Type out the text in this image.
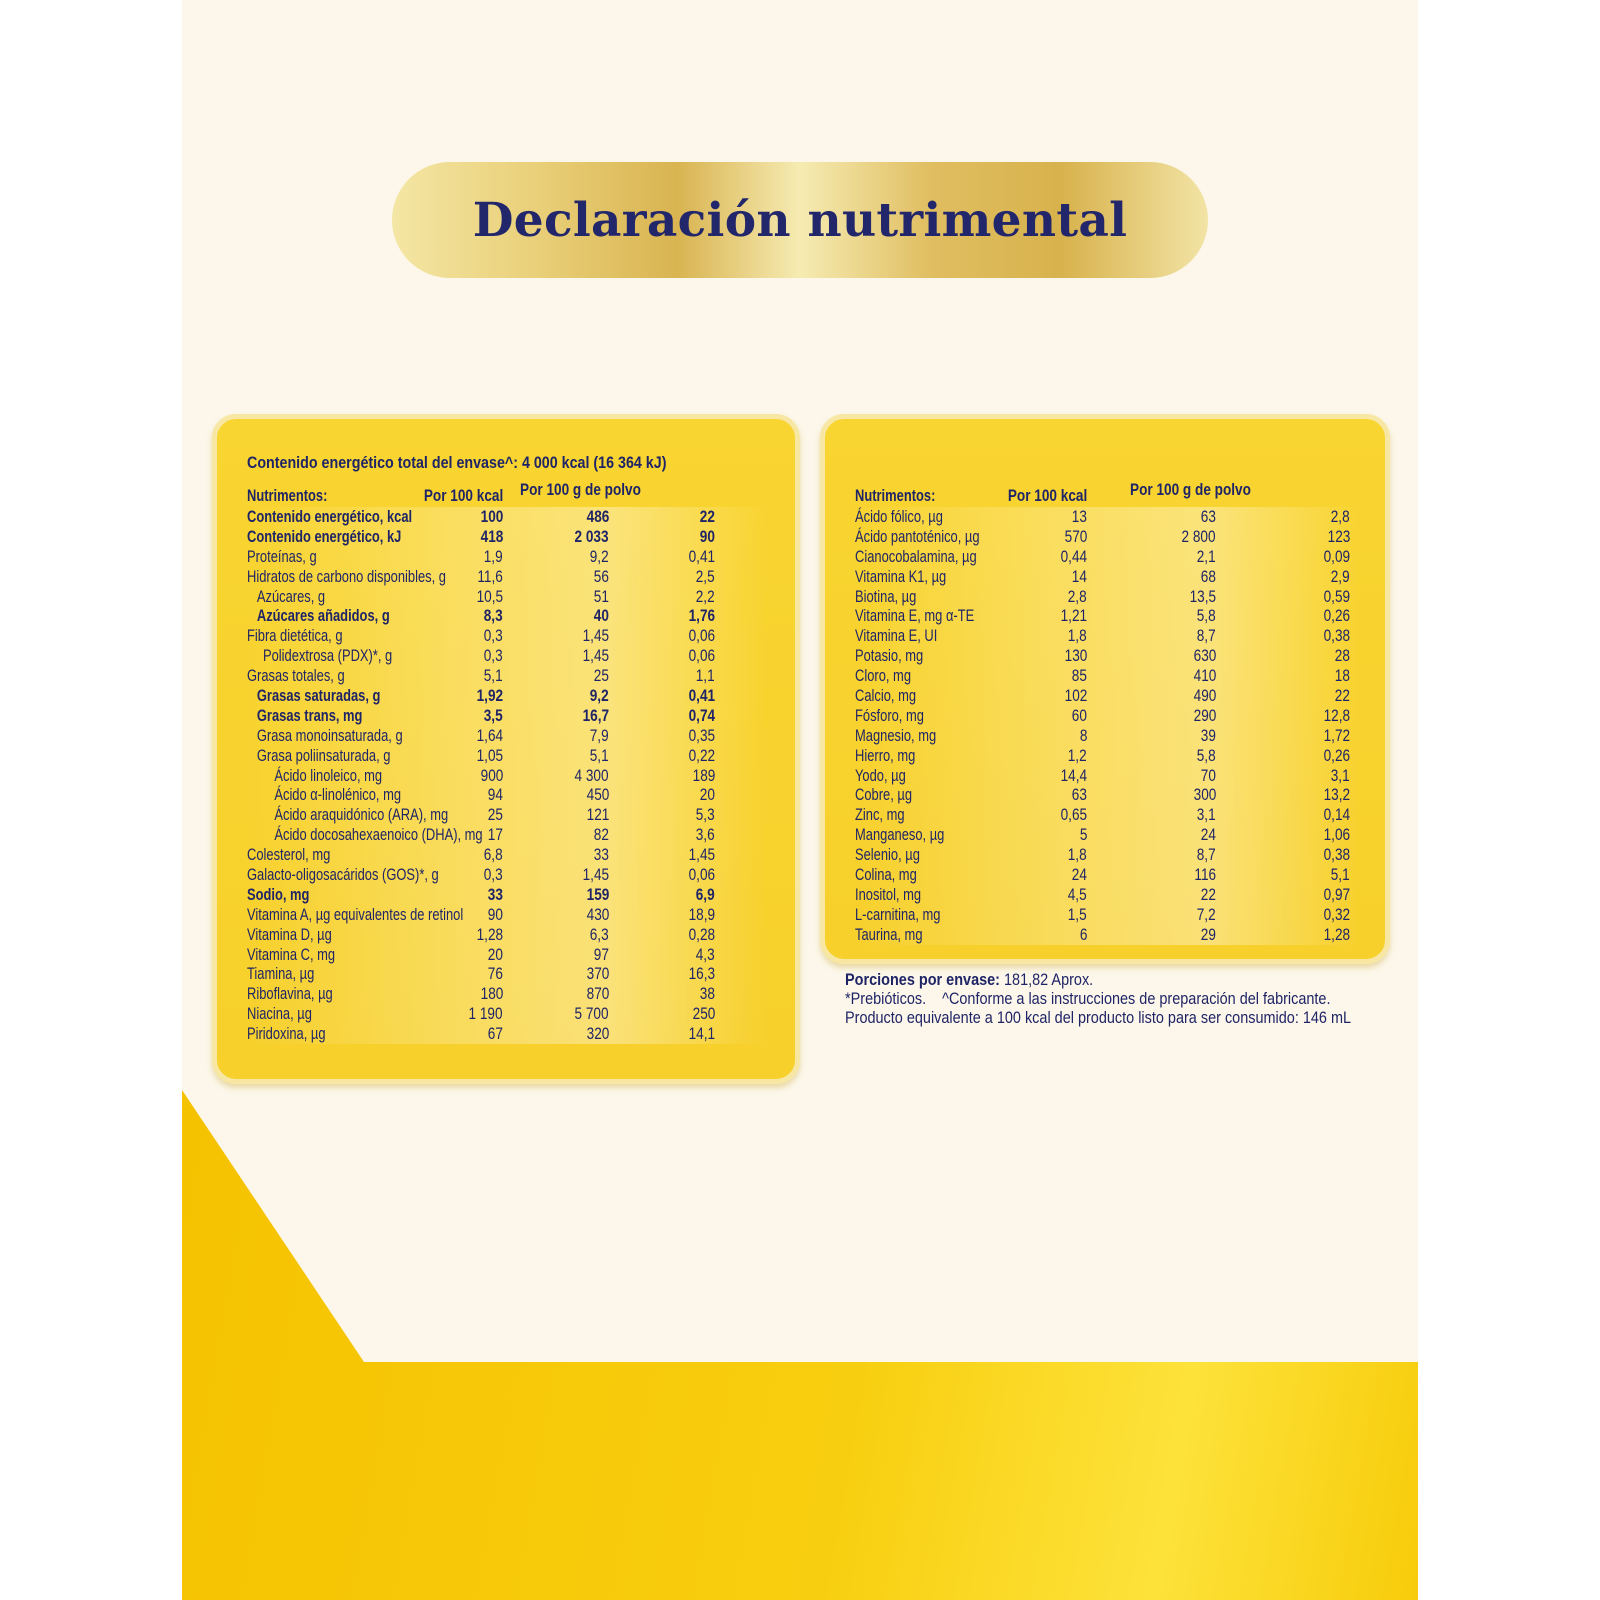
Declaración nutrimental
Contenido energético total del envase^: 4 000 kcal (16 364 kJ)
Nutrimentos:	Por 100 kcal Por 100 g de polvo
Contenido energético, kcal	100	486	22
Contenido energético, kJ	418	2 033	90
Proteínas, g	1,9	9,2	0,41
Hidratos de carbono disponibles, g 11,6	56	2,5
Azúcares, g	10,5	51	2,2
Azúcares añadidos, g	8,3	40	1,76
Fibra dietética, g	0,3	1,45	0,06
Polidextrosa (PDX)*, g	0,3	1,45	0,06
Grasas totales, g	5,1	25	1,1
Grasas saturadas, g	1,92	9,2	0,41
Grasas trans, mg	3,5	16,7	0,74
Grasa monoinsaturada, g	1,64	7,9	0,35
Grasa poliinsaturada, g	1,05	5,1	0,22
Ácido linoleico, mg	900	4 300	189
Ácido α-linolénico, mg	94	450	20
Ácido araquidónico (ARA), mg 25	121	5,3
Ácido docosahexaenoico (DHA), mg 17	82	3,6
Colesterol, mg	6,8	33	1,45
Galacto-oligosacáridos (GOS)*, g	0,3	1,45	0,06
Sodio, mg	33	159	6,9
Vitamina A, µg equivalentes de retinol 90	430	18,9
Vitamina D, µg	1,28	6,3	0,28
Vitamina C, mg	20	97	4,3
Tiamina, µg	76	370	16,3
Riboflavina, µg	180	870	38
Niacina, µg	1 190	5 700	250
Piridoxina, µg	67	320	14,1
Nutrimentos:	Por 100 kcal	Por 100 g de polvo
Ácido fólico, µg	13	63	2,8
Ácido pantoténico, µg	570	2 800	123
Cianocobalamina, µg	0,44	2,1	0,09
Vitamina K1, µg	14	68	2,9
Biotina, µg	2,8	13,5	0,59
Vitamina E, mg α-TE	1,21	5,8	0,26
Vitamina E, UI	1,8	8,7	0,38
Potasio, mg	130	630	28
Cloro, mg	85	410	18
Calcio, mg	102	490	22
Fósforo, mg	60	290	12,8
Magnesio, mg	8	39	1,72
Hierro, mg	1,2	5,8	0,26
Yodo, µg	14,4	70	3,1
Cobre, µg	63	300	13,2
Zinc, mg	0,65	3,1	0,14
Manganeso, µg	5	24	1,06
Selenio, µg	1,8	8,7	0,38
Colina, mg	24	116	5,1
Inositol, mg	4,5	22	0,97
L-carnitina, mg	1,5	7,2	0,32
Taurina, mg	6	29	1,28
Porciones por envase: 181,82 Aprox.
*Prebióticos.    ^Conforme a las instrucciones de preparación del fabricante.
Producto equivalente a 100 kcal del producto listo para ser consumido: 146 mL
